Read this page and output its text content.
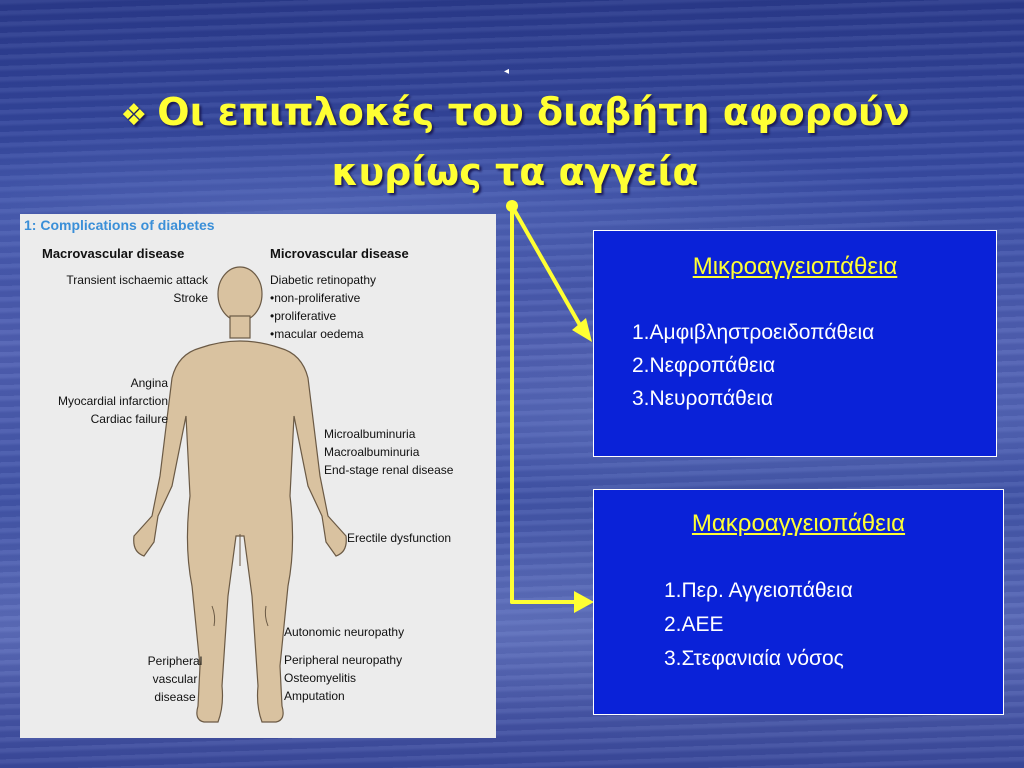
◂
❖ Οι επιπλοκές του διαβήτη αφορούν
κυρίως τα αγγεία
1: Complications of diabetes
Macrovascular disease	Microvascular disease
Transient ischaemic attack
Stroke
Angina
Myocardial infarction
Cardiac failure
Peripheral
vascular
disease
Diabetic retinopathy
•non-proliferative
•proliferative
•macular oedema
Microalbuminuria
Macroalbuminuria
End-stage renal disease
Erectile dysfunction
Autonomic neuropathy
Peripheral neuropathy
Osteomyelitis
Amputation
Μικροαγγειοπάθεια
1.Αμφιβληστροειδοπάθεια
2.Νεφροπάθεια
3.Νευροπάθεια
Μακροαγγειοπάθεια
1.Περ. Αγγειοπάθεια
2.ΑΕΕ
3.Στεφανιαία νόσος
